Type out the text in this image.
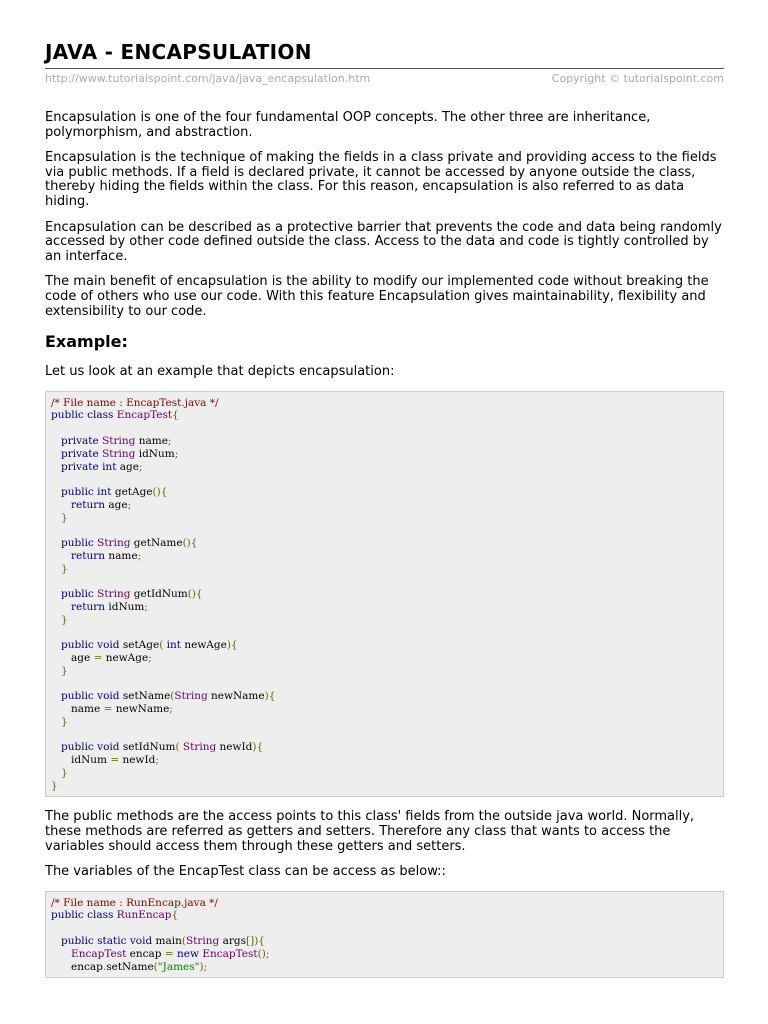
JAVA - ENCAPSULATION
http://www.tutorialspoint.com/java/java_encapsulation.htm	Copyright © tutorialspoint.com

Encapsulation is one of the four fundamental OOP concepts. The other three are inheritance, polymorphism, and abstraction.

Encapsulation is the technique of making the fields in a class private and providing access to the fields via public methods. If a field is declared private, it cannot be accessed by anyone outside the class, thereby hiding the fields within the class. For this reason, encapsulation is also referred to as data hiding.

Encapsulation can be described as a protective barrier that prevents the code and data being randomly accessed by other code defined outside the class. Access to the data and code is tightly controlled by an interface.

The main benefit of encapsulation is the ability to modify our implemented code without breaking the code of others who use our code. With this feature Encapsulation gives maintainability, flexibility and extensibility to our code.

Example:

Let us look at an example that depicts encapsulation:

/* File name : EncapTest.java */
public class EncapTest{
private String name;
private String idNum;
private int age;
public int getAge(){
return age;
}
public String getName(){
return name;
}
public String getIdNum(){
return idNum;
}
public void setAge( int newAge){
age = newAge;
}
public void setName(String newName){
name = newName;
}
public void setIdNum( String newId){
idNum = newId;
}
}

The public methods are the access points to this class' fields from the outside java world. Normally, these methods are referred as getters and setters. Therefore any class that wants to access the variables should access them through these getters and setters.

The variables of the EncapTest class can be access as below::

/* File name : RunEncap.java */
public class RunEncap{
public static void main(String args[]){
EncapTest encap = new EncapTest();
encap.setName("James");
